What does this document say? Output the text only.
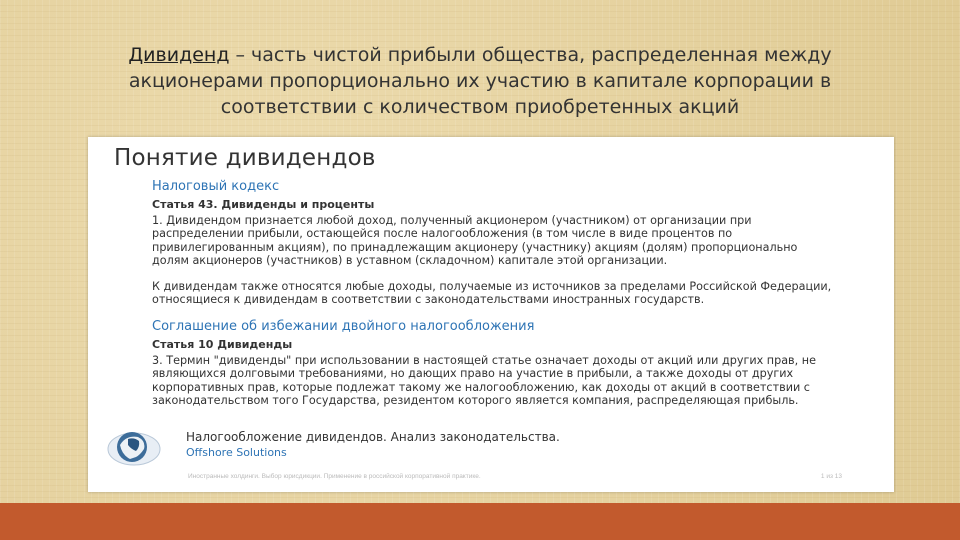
Дивиденд – часть чистой прибыли общества, распределенная между акционерами пропорционально их участию в капитале корпорации в соответствии с количеством приобретенных акций
Понятие дивидендов
Налоговый кодекс
Статья 43. Дивиденды и проценты
1. Дивидендом признается любой доход, полученный акционером (участником) от организации при распределении прибыли, остающейся после налогообложения (в том числе в виде процентов по привилегированным акциям), по принадлежащим акционеру (участнику) акциям (долям) пропорционально долям акционеров (участников) в уставном (складочном) капитале этой организации.
К дивидендам также относятся любые доходы, получаемые из источников за пределами Российской Федерации, относящиеся к дивидендам в соответствии с законодательствами иностранных государств.
Соглашение об избежании двойного налогообложения
Статья 10 Дивиденды
3. Термин "дивиденды" при использовании в настоящей статье означает доходы от акций или других прав, не являющихся долговыми требованиями, но дающих право на участие в прибыли, а также доходы от других корпоративных прав, которые подлежат такому же налогообложению, как доходы от акций в соответствии с законодательством того Государства, резидентом которого является компания, распределяющая прибыль.
Налогообложение дивидендов. Анализ законодательства.
Offshore Solutions
Иностранные холдинги. Выбор юрисдикции. Применение в российской корпоративной практике.	1 из 13
